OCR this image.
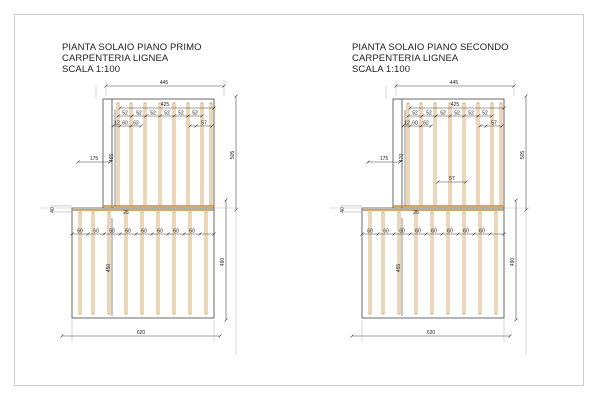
PIANTA SOLAIO PIANO PRIMO
CARPENTERIA LIGNEA
SCALA 1:100
PIANTA SOLAIO PIANO SECONDO
CARPENTERIA LIGNEA
SCALA 1:100
445
425
52 52 52 52 52 52
12 60 62	57
175 465	505
490
40	25
60 60 60 60 60 60 60 60
450
620
445
425
52 52 52 52 52 52
12 60 62	57
175 470
57
505
490
40	25
60 60 60 60 60 60 60 60
455
620
